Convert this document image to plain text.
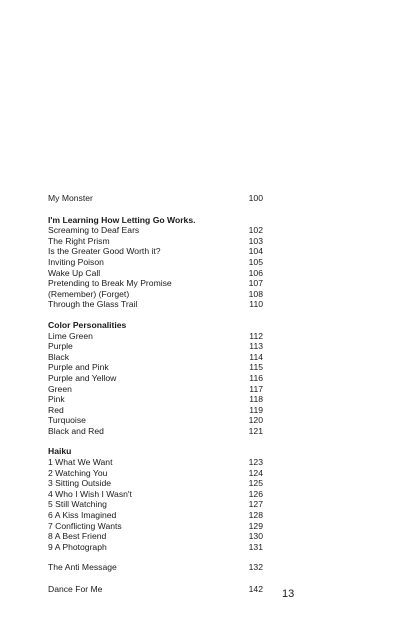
My Monster	100
I'm Learning How Letting Go Works.
Screaming to Deaf Ears	102
The Right Prism	103
Is the Greater Good Worth it?	104
Inviting Poison	105
Wake Up Call	106
Pretending to Break My Promise	107
(Remember) (Forget)	108
Through the Glass Trail	110
Color Personalities
Lime Green	112
Purple	113
Black	114
Purple and Pink	115
Purple and Yellow	116
Green	117
Pink	118
Red	119
Turquoise	120
Black and Red	121
Haiku
1 What We Want	123
2 Watching You	124
3 Sitting Outside	125
4 Who I Wish I Wasn't	126
5 Still Watching	127
6 A Kiss Imagined	128
7 Conflicting Wants	129
8 A Best Friend	130
9 A Photograph	131
The Anti Message	132
Dance For Me	142 13
